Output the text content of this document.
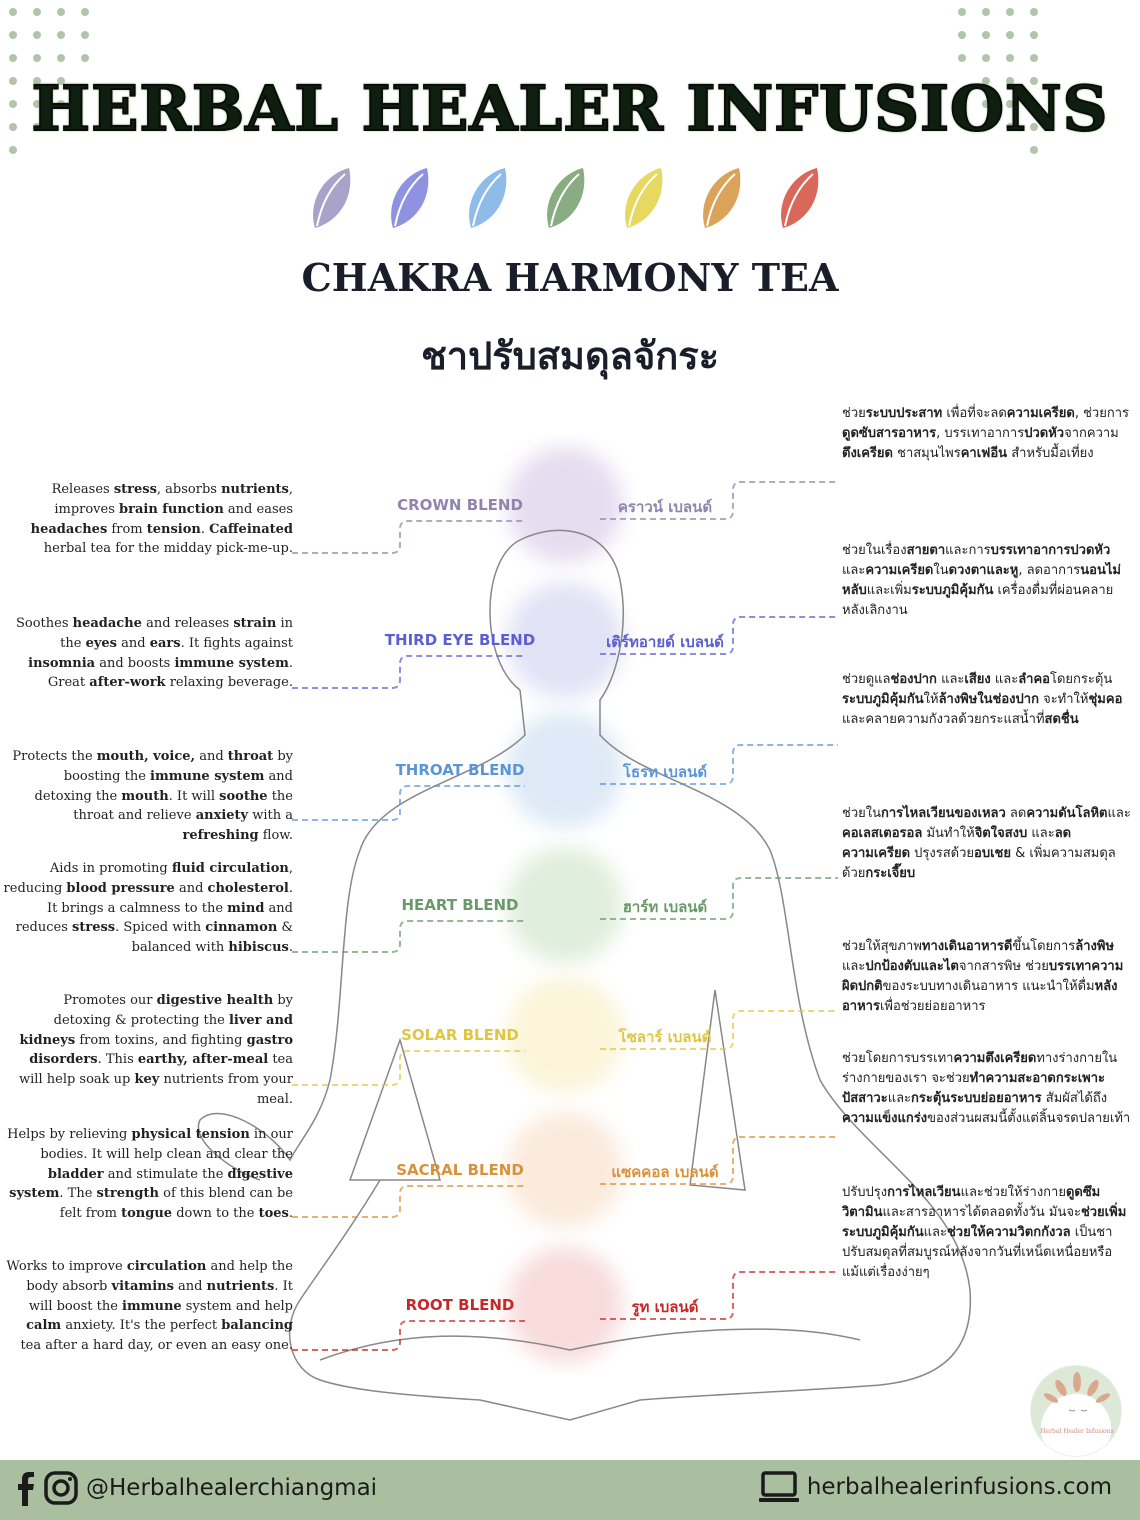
HERBAL HEALER INFUSIONS
CHAKRA HARMONY TEA
ชาปรับสมดุลจักระ
CROWN BLEND	คราวน์ เบลนด์
Releases stress, absorbs nutrients, improves brain function and eases headaches from tension. Caffeinated herbal tea for the midday pick-me-up.
ช่วยระบบประสาท เพื่อที่จะลดความเครียด, ช่วยการดูดซับสารอาหาร, บรรเทาอาการปวดหัวจากความตึงเครียด ชาสมุนไพรคาเฟอีน สำหรับมื้อเที่ยง
THIRD EYE BLEND	เติร์ทอายด์ เบลนด์
Soothes headache and releases strain in the eyes and ears. It fights against insomnia and boosts immune system. Great after-work relaxing beverage.
ช่วยในเรื่องสายตาและการบรรเทาอาการปวดหัวและความเครียดในดวงตาและหู, ลดอาการนอนไม่หลับและเพิ่มระบบภูมิคุ้มกัน เครื่องดื่มที่ผ่อนคลายหลังเลิกงาน
THROAT BLEND	โธรท เบลนด์
Protects the mouth, voice, and throat by boosting the immune system and detoxing the mouth. It will soothe the throat and relieve anxiety with a refreshing flow.
ช่วยดูแลช่องปาก และเสียง และลำคอโดยกระตุ้นระบบภูมิคุ้มกันให้ล้างพิษในช่องปาก จะทำให้ชุ่มคอและคลายความกังวลด้วยกระแสน้ำที่สดชื่น
HEART BLEND	ฮาร์ท เบลนด์
Aids in promoting fluid circulation, reducing blood pressure and cholesterol. It brings a calmness to the mind and reduces stress. Spiced with cinnamon & balanced with hibiscus.
ช่วยในการไหลเวียนของเหลว ลดความดันโลหิตและคอเลสเตอรอล มันทำให้จิตใจสงบ และลดความเครียด ปรุงรสด้วยอบเชย & เพิ่มความสมดุลด้วยกระเจี๊ยบ
SOLAR BLEND	โซลาร์ เบลนด์
Promotes our digestive health by detoxing & protecting the liver and kidneys from toxins, and fighting gastro disorders. This earthy, after-meal tea will help soak up key nutrients from your meal.
ช่วยให้สุขภาพทางเดินอาหารดีขึ้นโดยการล้างพิษและปกป้องตับและไตจากสารพิษ ช่วยบรรเทาความผิดปกติของระบบทางเดินอาหาร แนะนำให้ดื่มหลังอาหารเพื่อช่วยย่อยอาหาร
SACRAL BLEND	แซคคอล เบลนด์
Helps by relieving physical tension in our bodies. It will help clean and clear the bladder and stimulate the digestive system. The strength of this blend can be felt from tongue down to the toes.
ช่วยโดยการบรรเทาความตึงเครียดทางร่างกายในร่างกายของเรา จะช่วยทำความสะอาดกระเพาะปัสสาวะและกระตุ้นระบบย่อยอาหาร สัมผัสได้ถึงความแข็งแกร่งของส่วนผสมนี้ตั้งแต่ลิ้นจรดปลายเท้า
ROOT BLEND	รูท เบลนด์
Works to improve circulation and help the body absorb vitamins and nutrients. It will boost the immune system and help calm anxiety. It's the perfect balancing tea after a hard day, or even an easy one.
ปรับปรุงการไหลเวียนและช่วยให้ร่างกายดูดซึมวิตามินและสารอาหารได้ตลอดทั้งวัน มันจะช่วยเพิ่มระบบภูมิคุ้มกันและช่วยให้ความวิตกกังวล เป็นชาปรับสมดุลที่สมบูรณ์หลังจากวันที่เหน็ดเหนื่อยหรือแม้แต่เรื่องง่ายๆ
Herbal Healer Infusions
@Herbalhealerchiangmai	herbalhealerinfusions.com
